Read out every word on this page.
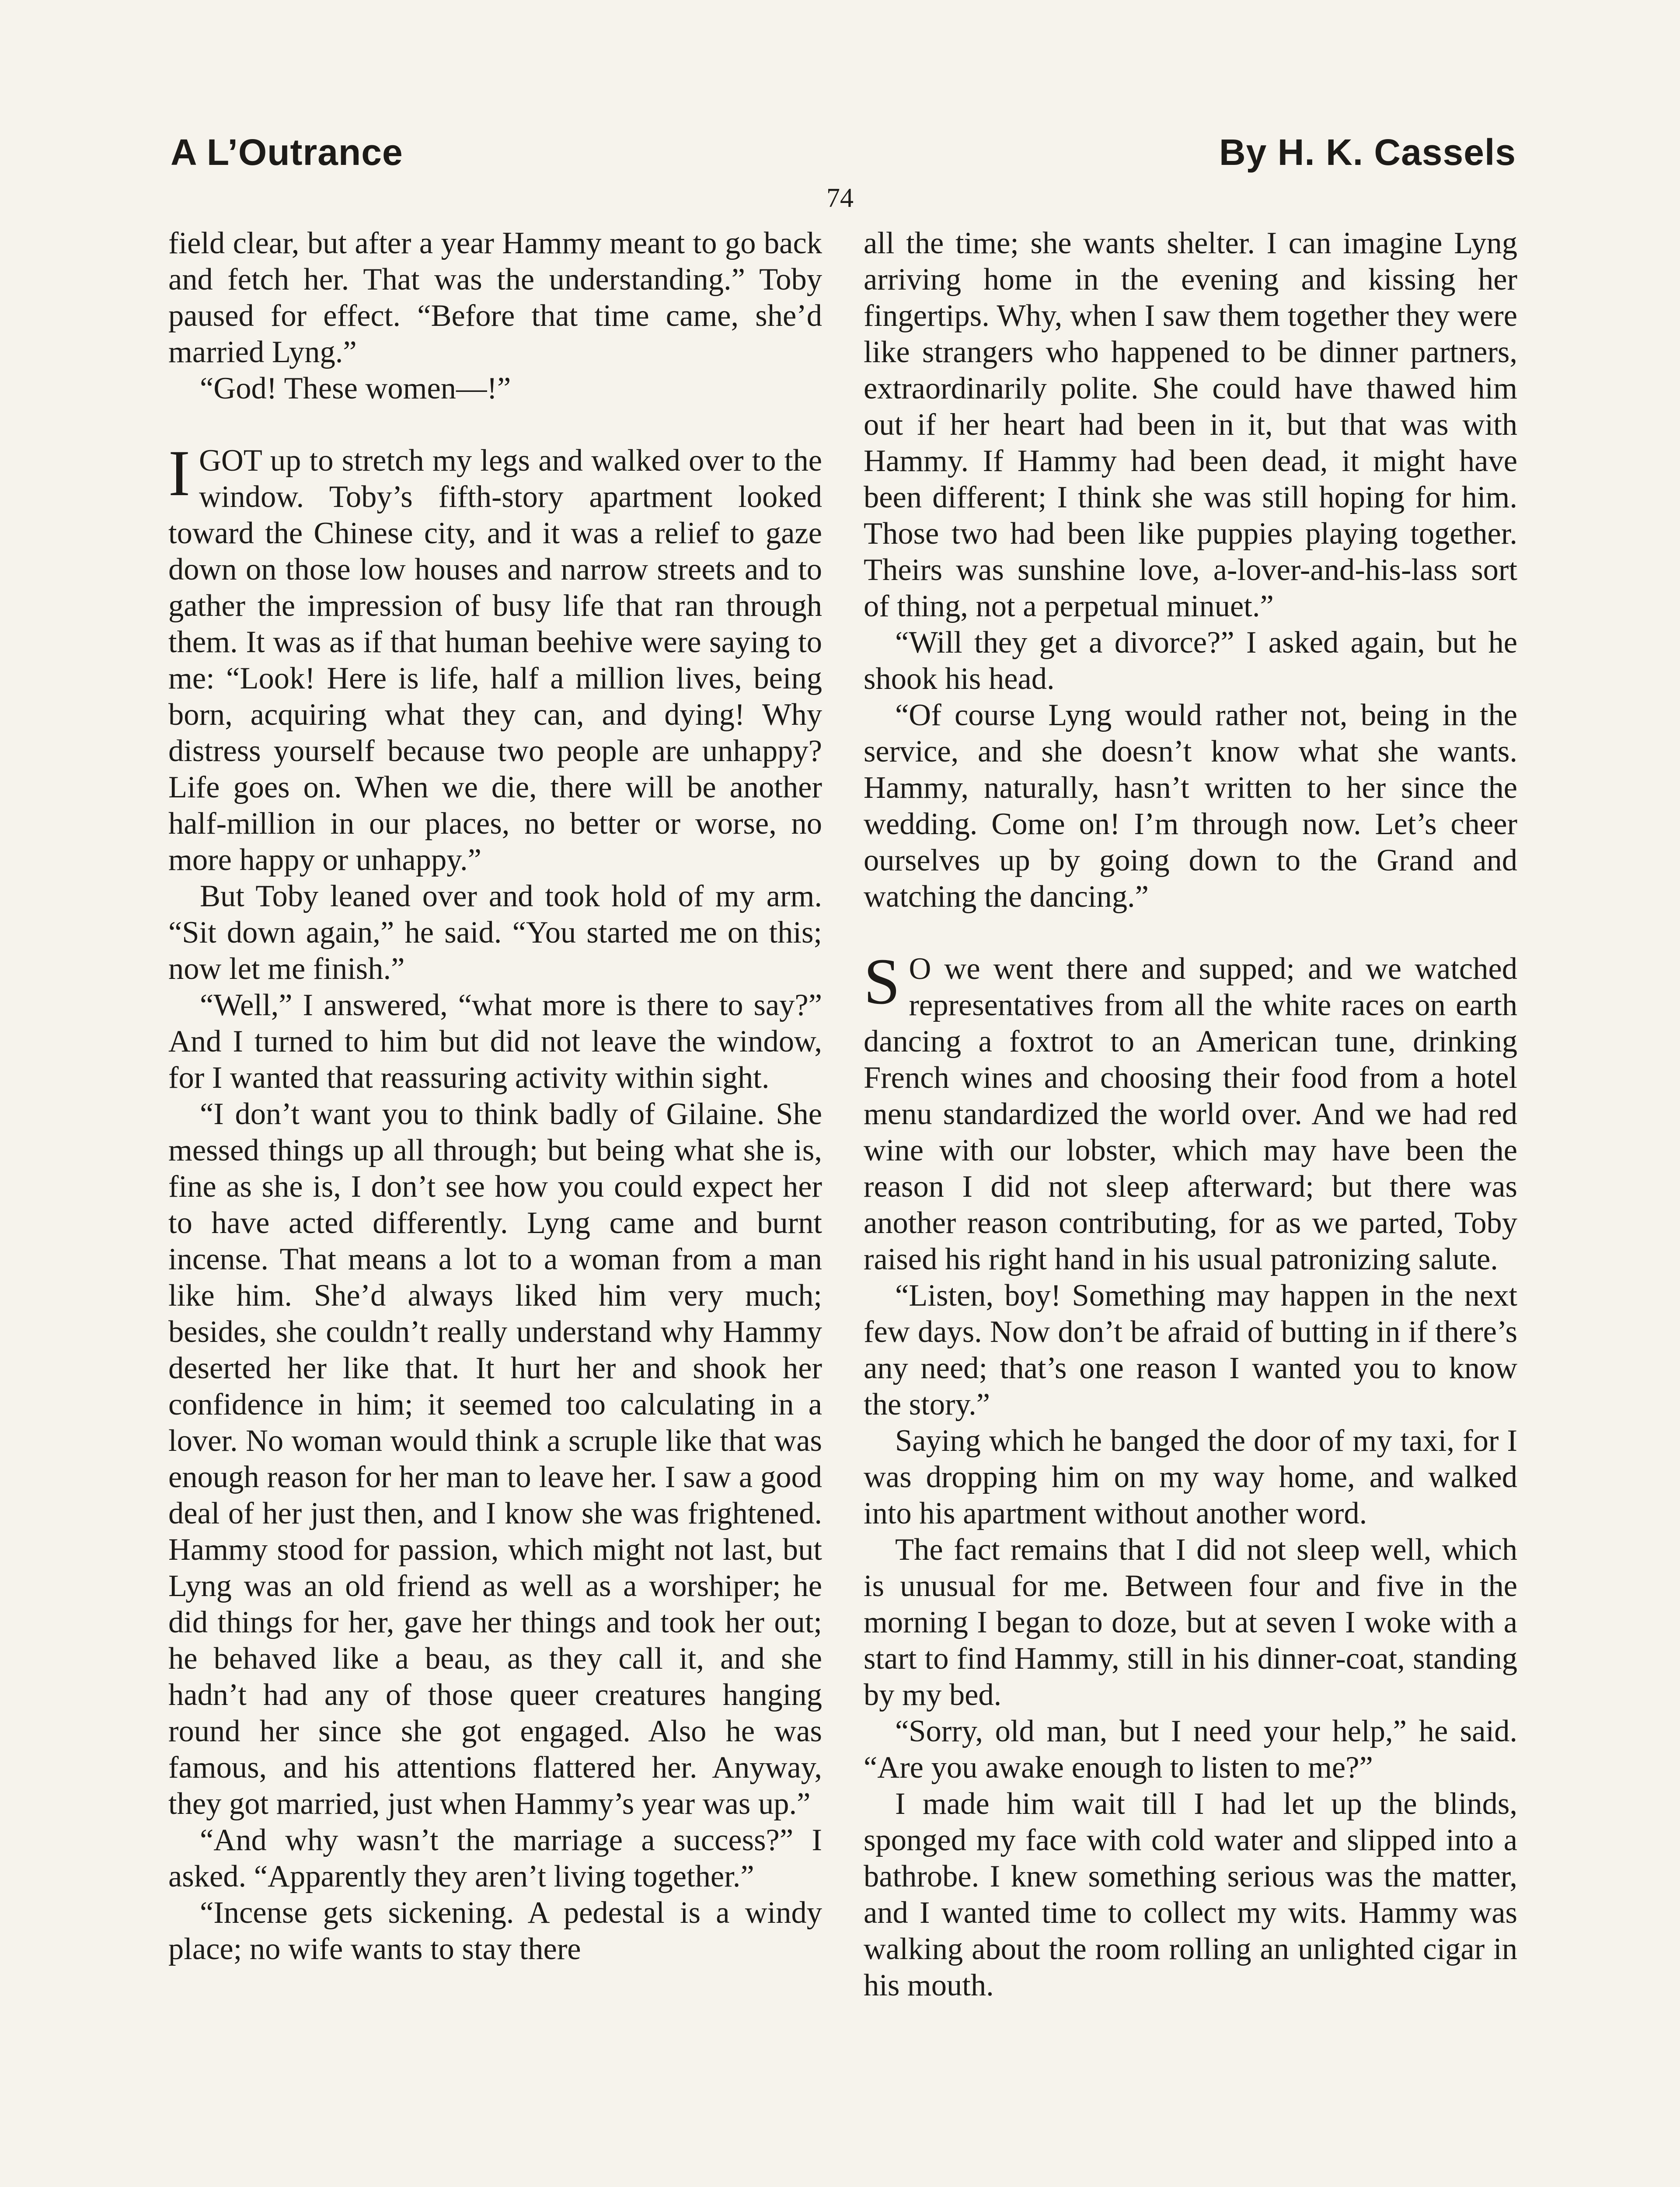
A L’Outrance	By H. K. Cassels
74

field clear, but after a year Hammy meant to go back and fetch her. That was the understanding.” Toby paused for effect. “Before that time came, she’d married Lyng.”

“God! These women—!”

IGOT up to stretch my legs and walked over to the window. Toby’s fifth-story apartment looked toward the Chinese city, and it was a relief to gaze down on those low houses and narrow streets and to gather the impression of busy life that ran through them. It was as if that human beehive were saying to me: “Look! Here is life, half a million lives, being born, acquiring what they can, and dying! Why distress yourself because two people are unhappy? Life goes on. When we die, there will be another half-million in our places, no better or worse, no more happy or unhappy.”

But Toby leaned over and took hold of my arm. “Sit down again,” he said. “You started me on this; now let me finish.”

“Well,” I answered, “what more is there to say?” And I turned to him but did not leave the window, for I wanted that reassuring activity within sight.

“I don’t want you to think badly of Gilaine. She messed things up all through; but being what she is, fine as she is, I don’t see how you could expect her to have acted differently. Lyng came and burnt incense. That means a lot to a woman from a man like him. She’d always liked him very much; besides, she couldn’t really understand why Hammy deserted her like that. It hurt her and shook her confidence in him; it seemed too calculating in a lover. No woman would think a scruple like that was enough reason for her man to leave her. I saw a good deal of her just then, and I know she was frightened. Hammy stood for passion, which might not last, but Lyng was an old friend as well as a worshiper; he did things for her, gave her things and took her out; he behaved like a beau, as they call it, and she hadn’t had any of those queer creatures hanging round her since she got engaged. Also he was famous, and his attentions flattered her. Anyway, they got married, just when Hammy’s year was up.”

“And why wasn’t the marriage a success?” I asked. “Apparently they aren’t living together.”

“Incense gets sickening. A pedestal is a windy place; no wife wants to stay there

all the time; she wants shelter. I can imagine Lyng arriving home in the evening and kissing her fingertips. Why, when I saw them together they were like strangers who happened to be dinner partners, extraordinarily polite. She could have thawed him out if her heart had been in it, but that was with Hammy. If Hammy had been dead, it might have been different; I think she was still hoping for him. Those two had been like puppies playing together. Theirs was sunshine love, a-lover-and-his-lass sort of thing, not a perpetual minuet.”

“Will they get a divorce?” I asked again, but he shook his head.

“Of course Lyng would rather not, being in the service, and she doesn’t know what she wants. Hammy, naturally, hasn’t written to her since the wedding. Come on! I’m through now. Let’s cheer ourselves up by going down to the Grand and watching the dancing.”

S O we went there and supped; and we watched representatives from all the white races on earth dancing a foxtrot to an American tune, drinking French wines and choosing their food from a hotel menu standardized the world over. And we had red wine with our lobster, which may have been the reason I did not sleep afterward; but there was another reason contributing, for as we parted, Toby raised his right hand in his usual patronizing salute.

“Listen, boy! Something may happen in the next few days. Now don’t be afraid of butting in if there’s any need; that’s one reason I wanted you to know the story.”

Saying which he banged the door of my taxi, for I was dropping him on my way home, and walked into his apartment without another word.

The fact remains that I did not sleep well, which is unusual for me. Between four and five in the morning I began to doze, but at seven I woke with a start to find Hammy, still in his dinner-coat, standing by my bed.

“Sorry, old man, but I need your help,” he said. “Are you awake enough to listen to me?”

I made him wait till I had let up the blinds, sponged my face with cold water and slipped into a bathrobe. I knew something serious was the matter, and I wanted time to collect my wits. Hammy was walking about the room rolling an unlighted cigar in his mouth.
